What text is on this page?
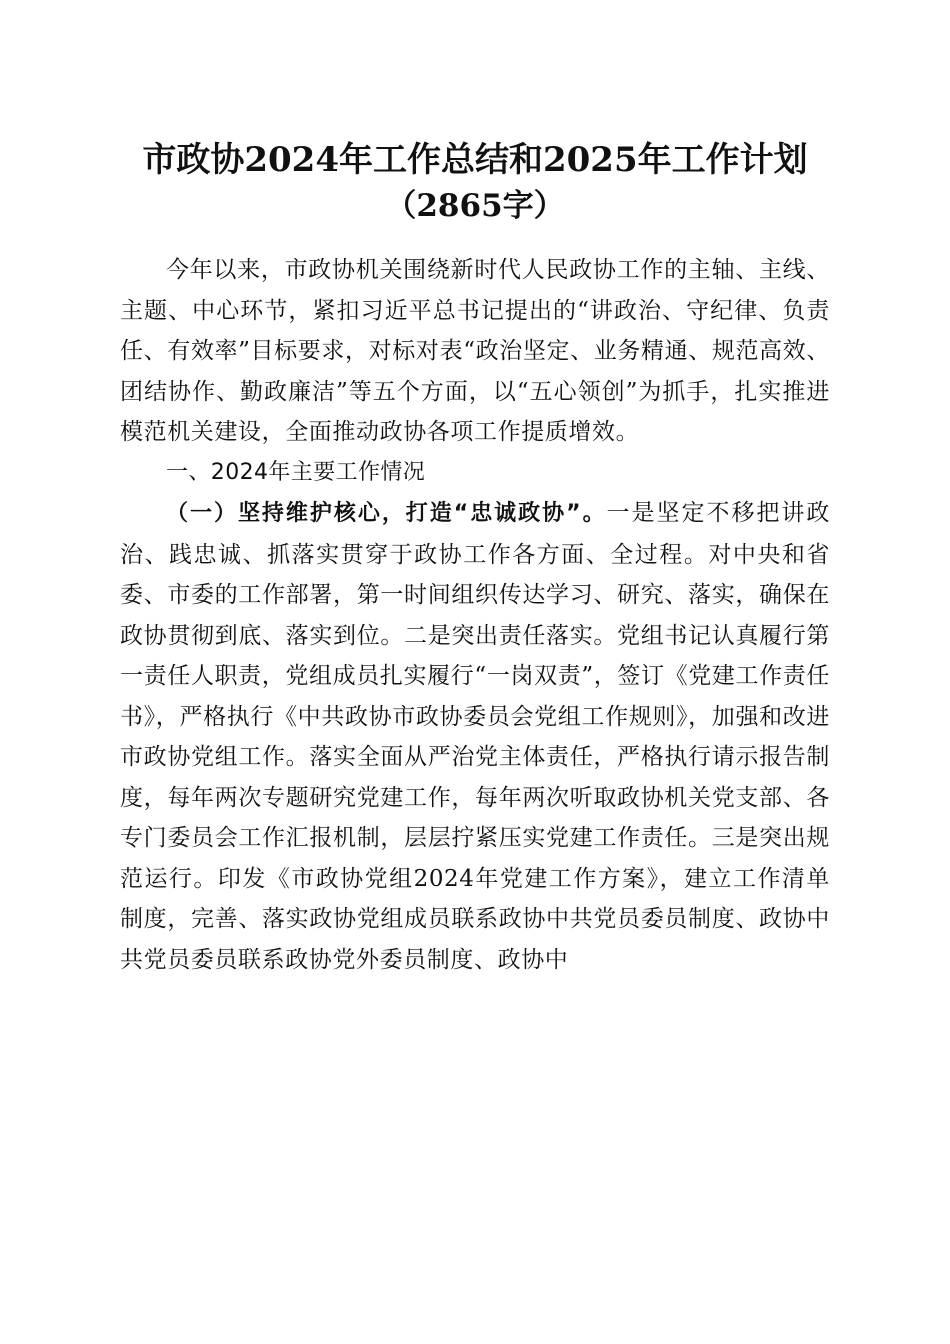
市政协2024年工作总结和2025年工作计划
（2865字）

今年以来，市政协机关围绕新时代人民政协工作的主轴、主线、主题、中心环节，紧扣习近平总书记提出的“讲政治、守纪律、负责任、有效率”目标要求，对标对表“政治坚定、业务精通、规范高效、团结协作、勤政廉洁”等五个方面，以“五心领创”为抓手，扎实推进模范机关建设，全面推动政协各项工作提质增效。

一、2024年主要工作情况

（一）坚持维护核心，打造“忠诚政协”。一是坚定不移把讲政治、践忠诚、抓落实贯穿于政协工作各方面、全过程。对中央和省委、市委的工作部署，第一时间组织传达学习、研究、落实，确保在政协贯彻到底、落实到位。二是突出责任落实。党组书记认真履行第一责任人职责，党组成员扎实履行“一岗双责”，签订《党建工作责任书》，严格执行《中共政协市政协委员会党组工作规则》，加强和改进市政协党组工作。落实全面从严治党主体责任，严格执行请示报告制度，每年两次专题研究党建工作，每年两次听取政协机关党支部、各专门委员会工作汇报机制，层层拧紧压实党建工作责任。三是突出规范运行。印发《市政协党组2024年党建工作方案》，建立工作清单制度，完善、落实政协党组成员联系政协中共党员委员制度、政协中共党员委员联系政协党外委员制度、政协中
